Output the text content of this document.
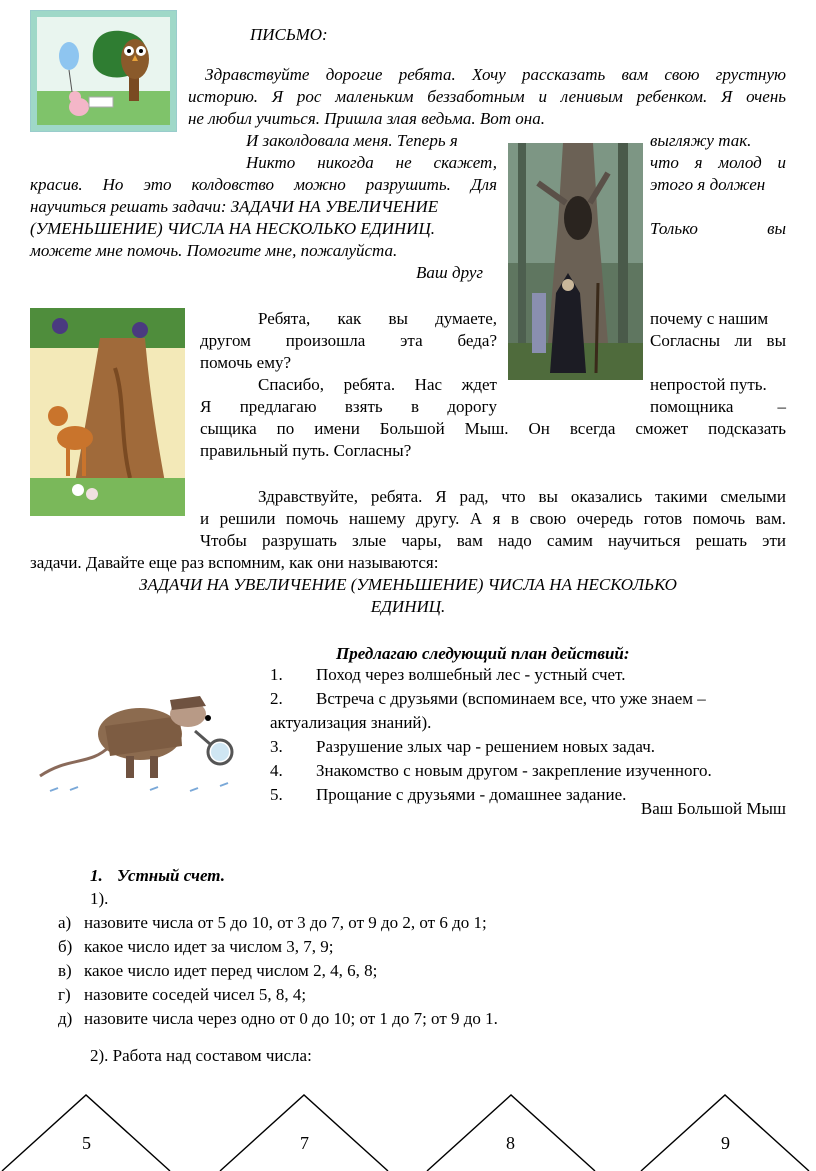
ПИСЬМО:
Здравствуйте дорогие ребята. Хочу рассказать вам свою грустную
историю. Я рос маленьким беззаботным и ленивым ребенком. Я очень
не любил учиться. Пришла злая ведьма. Вот она.
И заколдовала меня. Теперь я	выгляжу так.
Никто никогда не скажет,	что я молод и
красив. Но это колдовство можно разрушить. Для	этого я должен
научиться решать задачи: ЗАДАЧИ НА УВЕЛИЧЕНИЕ
(УМЕНЬШЕНИЕ) ЧИСЛА НА НЕСКОЛЬКО ЕДИНИЦ.	Только вы
можете мне помочь. Помогите мне, пожалуйста.
Ваш друг
Ребята, как вы думаете,	почему с нашим
другом произошла эта беда?	Согласны ли вы
помочь ему?
Спасибо, ребята. Нас ждет	непростой путь.
Я предлагаю взять в дорогу	помощника –
сыщика по имени Большой Мыш. Он всегда сможет подсказать
правильный путь. Согласны?
Здравствуйте, ребята. Я рад, что вы оказались такими смелыми
и решили помочь нашему другу. А я в свою очередь готов помочь вам.
Чтобы разрушать злые чары, вам надо самим научиться решать эти
задачи. Давайте еще раз вспомним, как они называются:
ЗАДАЧИ НА УВЕЛИЧЕНИЕ (УМЕНЬШЕНИЕ) ЧИСЛА НА НЕСКОЛЬКО
ЕДИНИЦ.
Предлагаю следующий план действий:
1. Поход через волшебный лес - устный счет.
2. Встреча с друзьями (вспоминаем все, что уже знаем –
актуализация знаний).
3. Разрушение злых чар - решением новых задач.
4. Знакомство с новым другом - закрепление изученного.
5. Прощание с друзьями - домашнее задание.
Ваш Большой Мыш
1. Устный счет.
1).
а) назовите числа от 5 до 10, от 3 до 7, от 9 до 2, от 6 до 1;
б) какое число идет за числом 3, 7, 9;
в) какое число идет перед числом 2, 4, 6, 8;
г) назовите соседей чисел 5, 8, 4;
д) назовите числа через одно от 0 до 10; от 1 до 7; от 9 до 1.
2). Работа над составом числа:
5	7	8	9
